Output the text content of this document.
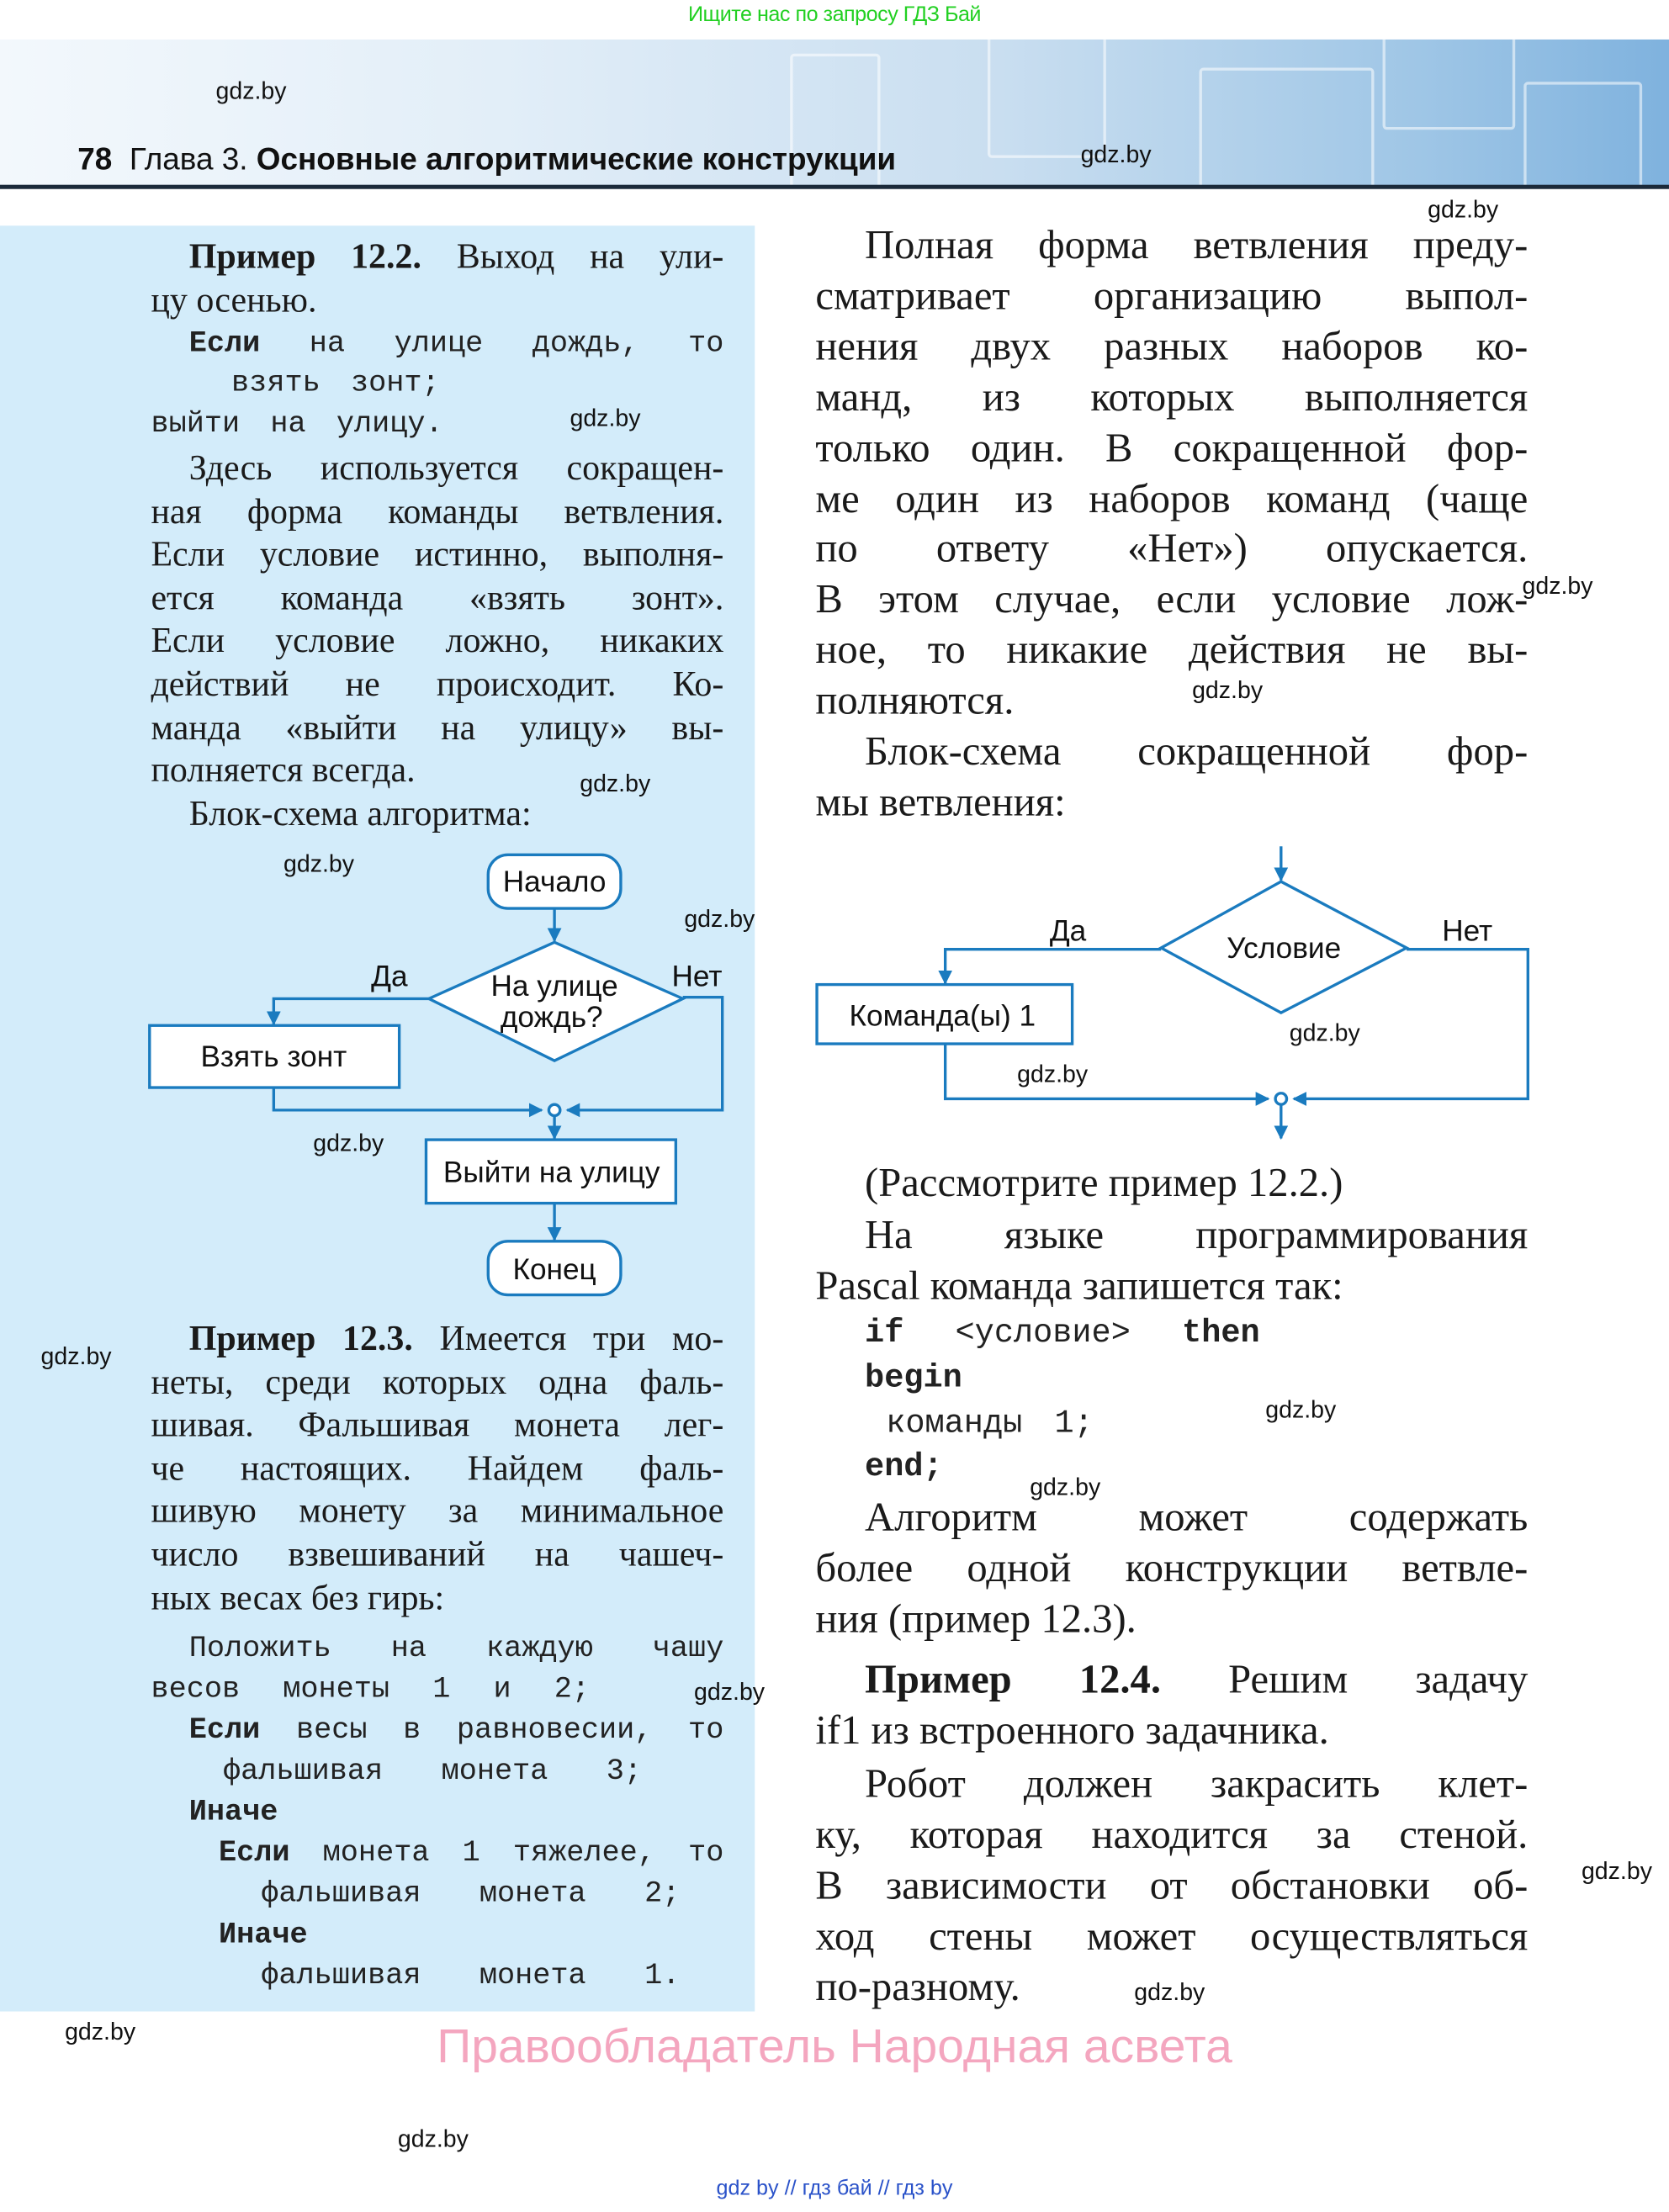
Ищите нас по запросу ГДЗ Бай
78 Глава 3. Основные алгоритмические конструкции
Пример 12.2. Выход на ули-
цу осенью.
Если	на улице дождь, то
взять зонт;
выйти на улицу.
Здесь используется сокращен-
ная форма команды ветвления.
Если условие истинно, выполня-
ется команда «взять зонт».
Если условие ложно, никаких
действий не происходит. Ко-
манда «выйти на улицу» вы-
полняется всегда.
Блок-схема алгоритма:
Начало
На улице
дождь?
Да	Нет
Взять зонт
Выйти на улицу
Конец
Условие
Да	Нет
Команда(ы) 1
Пример 12.3. Имеется три мо-
неты, среди которых одна фаль-
шивая. Фальшивая монета лег-
че настоящих. Найдем фаль-
шивую монету за минимальное
число взвешиваний на чашеч-
ных весах без гирь:
Положить на каждую чашу
весов монеты 1 и 2;
Если весы в равновесии, то
фальшивая монета 3;
Иначе
Если монета 1 тяжелее, то
фальшивая монета 2;
Иначе
фальшивая монета 1.
Полная форма ветвления преду-
сматривает организацию выпол-
нения двух разных наборов ко-
манд, из которых выполняется
только один. В сокращенной фор-
ме один из наборов команд (чаще
по ответу «Нет») опускается.
В этом случае, если условие лож-
ное, то никакие действия не вы-
полняются.
Блок-схема сокращенной фор-
мы ветвления:
(Рассмотрите пример 12.2.)
На языке программирования
Pascal команда запишется так:
if	<условие>	then
begin
команды 1;
end;
Алгоритм может содержать
более одной конструкции ветвле-
ния (пример 12.3).
Пример 12.4.	Решим задачу
if1 из встроенного задачника.
Робот должен закрасить клет-
ку, которая находится за стеной.
В зависимости от обстановки об-
ход стены может осуществляться
по-разному.
gdz.by
gdz.by
gdz.by
gdz.by
gdz.by
gdz.by
gdz.by
gdz.by
gdz.by
gdz.by
gdz.by
gdz.by
gdz.by
gdz.by
gdz.by
gdz.by
gdz.by
gdz.by
gdz.by
gdz.by
Правообладатель Народная асвета
gdz by // гдз бай // гдз by
